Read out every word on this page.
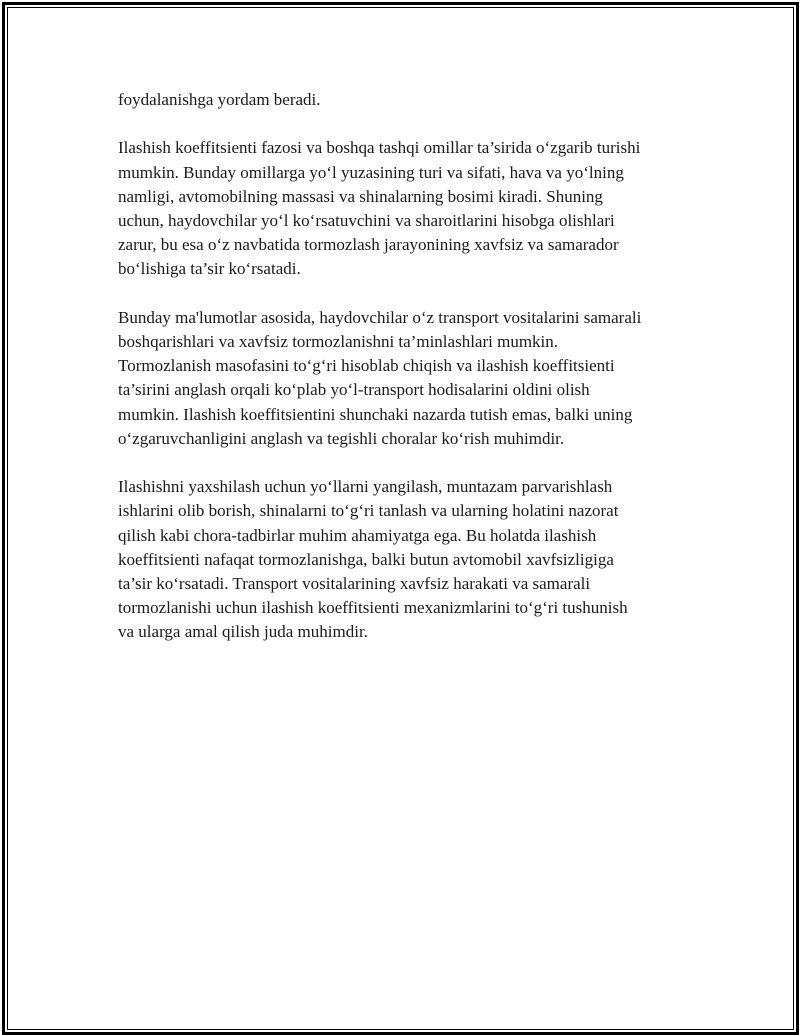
foydalanishga yordam beradi.

Ilashish koeffitsienti fazosi va boshqa tashqi omillar ta’sirida o‘zgarib turishi
mumkin. Bunday omillarga yo‘l yuzasining turi va sifati, hava va yo‘lning
namligi, avtomobilning massasi va shinalarning bosimi kiradi. Shuning
uchun, haydovchilar yo‘l ko‘rsatuvchini va sharoitlarini hisobga olishlari
zarur, bu esa o‘z navbatida tormozlash jarayonining xavfsiz va samarador
bo‘lishiga ta’sir ko‘rsatadi.

Bunday ma'lumotlar asosida, haydovchilar o‘z transport vositalarini samarali
boshqarishlari va xavfsiz tormozlanishni ta’minlashlari mumkin.
Tormozlanish masofasini to‘g‘ri hisoblab chiqish va ilashish koeffitsienti
ta’sirini anglash orqali ko‘plab yo‘l-transport hodisalarini oldini olish
mumkin. Ilashish koeffitsientini shunchaki nazarda tutish emas, balki uning
o‘zgaruvchanligini anglash va tegishli choralar ko‘rish muhimdir.

Ilashishni yaxshilash uchun yo‘llarni yangilash, muntazam parvarishlash
ishlarini olib borish, shinalarni to‘g‘ri tanlash va ularning holatini nazorat
qilish kabi chora-tadbirlar muhim ahamiyatga ega. Bu holatda ilashish
koeffitsienti nafaqat tormozlanishga, balki butun avtomobil xavfsizligiga
ta’sir ko‘rsatadi. Transport vositalarining xavfsiz harakati va samarali
tormozlanishi uchun ilashish koeffitsienti mexanizmlarini to‘g‘ri tushunish
va ularga amal qilish juda muhimdir.
